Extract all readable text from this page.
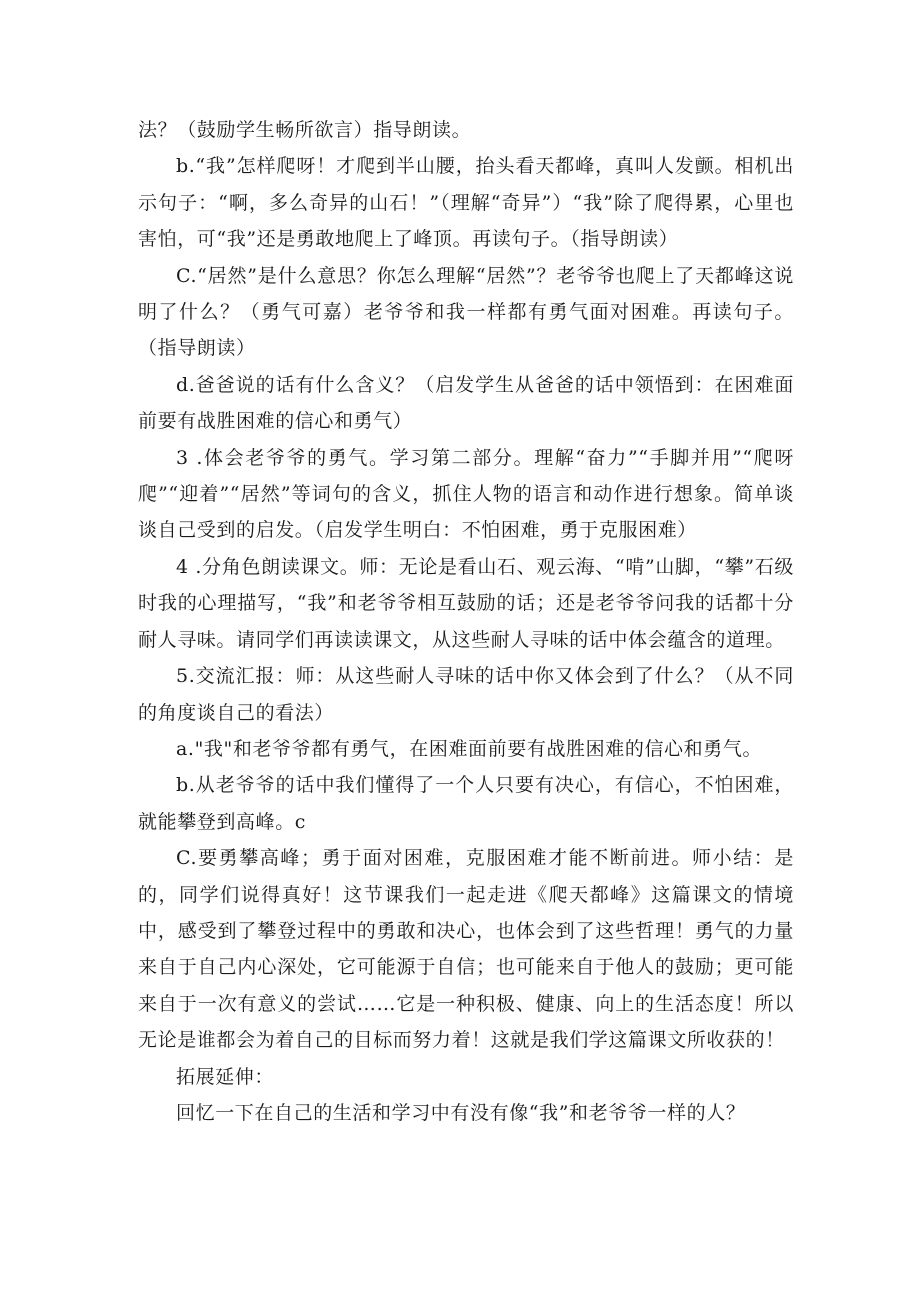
法？（鼓励学生畅所欲言）指导朗读。

b.“我”怎样爬呀！才爬到半山腰，抬头看天都峰，真叫人发颤。相机出示句子：“啊，多么奇异的山石！”（理解“奇异”）“我”除了爬得累，心里也害怕，可“我”还是勇敢地爬上了峰顶。再读句子。（指导朗读）

C.“居然”是什么意思？你怎么理解“居然”？老爷爷也爬上了天都峰这说明了什么？（勇气可嘉）老爷爷和我一样都有勇气面对困难。再读句子。（指导朗读）

d.爸爸说的话有什么含义？（启发学生从爸爸的话中领悟到：在困难面前要有战胜困难的信心和勇气）

3 .体会老爷爷的勇气。学习第二部分。理解“奋力”“手脚并用”“爬呀爬”“迎着”“居然”等词句的含义，抓住人物的语言和动作进行想象。简单谈谈自己受到的启发。（启发学生明白：不怕困难，勇于克服困难）

4 .分角色朗读课文。师：无论是看山石、观云海、“啃”山脚，“攀”石级时我的心理描写，“我”和老爷爷相互鼓励的话；还是老爷爷问我的话都十分耐人寻味。请同学们再读读课文，从这些耐人寻味的话中体会蕴含的道理。

5.交流汇报：师：从这些耐人寻味的话中你又体会到了什么？（从不同的角度谈自己的看法）

a."我"和老爷爷都有勇气，在困难面前要有战胜困难的信心和勇气。

b.从老爷爷的话中我们懂得了一个人只要有决心，有信心，不怕困难，就能攀登到高峰。c

C.要勇攀高峰；勇于面对困难，克服困难才能不断前进。师小结：是的，同学们说得真好！这节课我们一起走进《爬天都峰》这篇课文的情境中，感受到了攀登过程中的勇敢和决心，也体会到了这些哲理！勇气的力量来自于自己内心深处，它可能源于自信；也可能来自于他人的鼓励；更可能来自于一次有意义的尝试……它是一种积极、健康、向上的生活态度！所以无论是谁都会为着自己的目标而努力着！这就是我们学这篇课文所收获的！

拓展延伸：

回忆一下在自己的生活和学习中有没有像“我”和老爷爷一样的人？
